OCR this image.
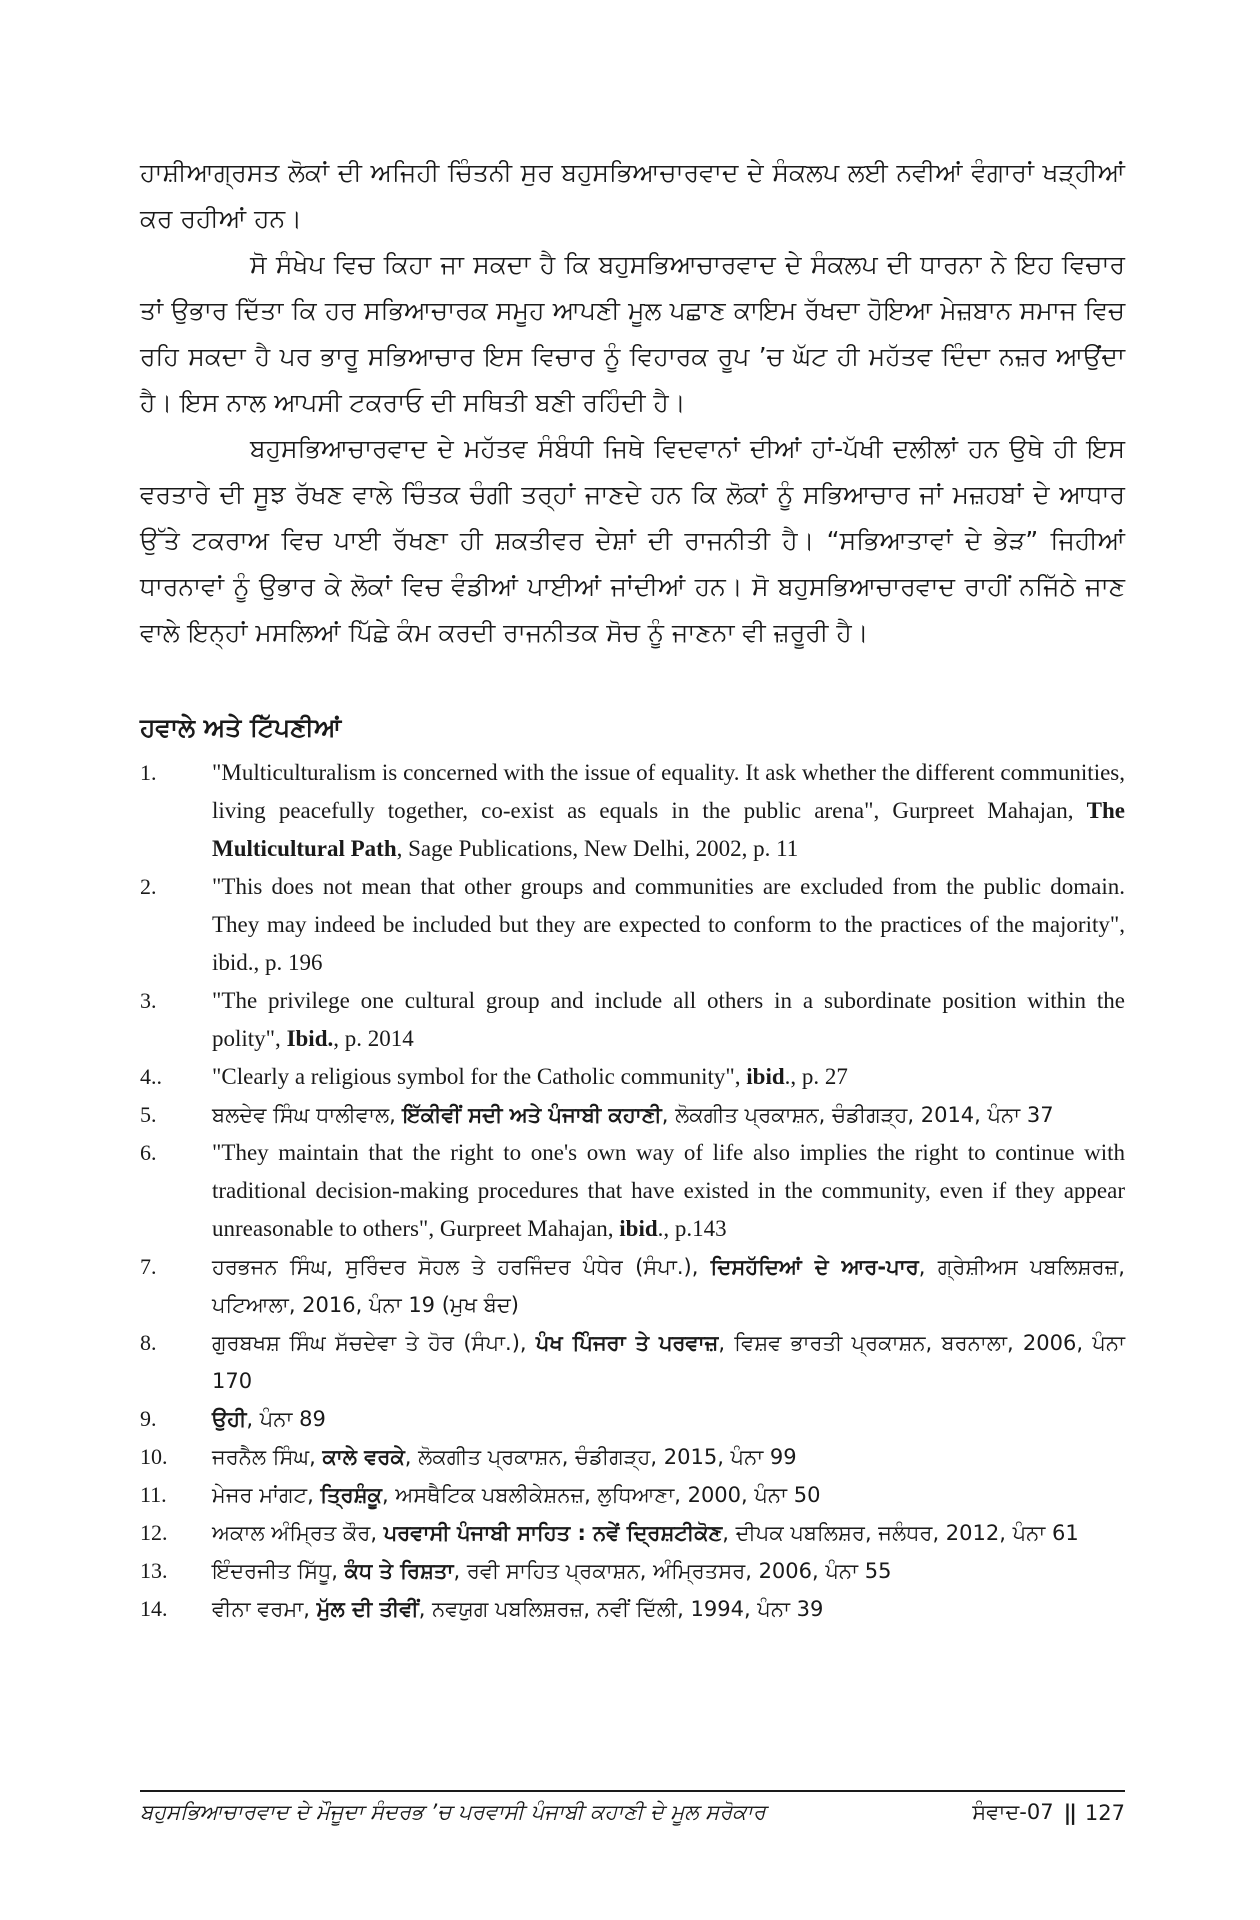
ਹਾਸ਼ੀਆਗ੍ਰਸਤ ਲੋਕਾਂ ਦੀ ਅਜਿਹੀ ਚਿੰਤਨੀ ਸੁਰ ਬਹੁਸਭਿਆਚਾਰਵਾਦ ਦੇ ਸੰਕਲਪ ਲਈ ਨਵੀਆਂ ਵੰਗਾਰਾਂ ਖੜ੍ਹੀਆਂ ਕਰ ਰਹੀਆਂ ਹਨ।

ਸੋ ਸੰਖੇਪ ਵਿਚ ਕਿਹਾ ਜਾ ਸਕਦਾ ਹੈ ਕਿ ਬਹੁਸਭਿਆਚਾਰਵਾਦ ਦੇ ਸੰਕਲਪ ਦੀ ਧਾਰਨਾ ਨੇ ਇਹ ਵਿਚਾਰ ਤਾਂ ਉਭਾਰ ਦਿੱਤਾ ਕਿ ਹਰ ਸਭਿਆਚਾਰਕ ਸਮੂਹ ਆਪਣੀ ਮੂਲ ਪਛਾਣ ਕਾਇਮ ਰੱਖਦਾ ਹੋਇਆ ਮੇਜ਼ਬਾਨ ਸਮਾਜ ਵਿਚ ਰਹਿ ਸਕਦਾ ਹੈ ਪਰ ਭਾਰੂ ਸਭਿਆਚਾਰ ਇਸ ਵਿਚਾਰ ਨੂੰ ਵਿਹਾਰਕ ਰੂਪ ’ਚ ਘੱਟ ਹੀ ਮਹੱਤਵ ਦਿੰਦਾ ਨਜ਼ਰ ਆਉਂਦਾ ਹੈ। ਇਸ ਨਾਲ ਆਪਸੀ ਟਕਰਾਓ ਦੀ ਸਥਿਤੀ ਬਣੀ ਰਹਿੰਦੀ ਹੈ।

ਬਹੁਸਭਿਆਚਾਰਵਾਦ ਦੇ ਮਹੱਤਵ ਸੰਬੰਧੀ ਜਿਥੇ ਵਿਦਵਾਨਾਂ ਦੀਆਂ ਹਾਂ-ਪੱਖੀ ਦਲੀਲਾਂ ਹਨ ਉਥੇ ਹੀ ਇਸ ਵਰਤਾਰੇ ਦੀ ਸੂਝ ਰੱਖਣ ਵਾਲੇ ਚਿੰਤਕ ਚੰਗੀ ਤਰ੍ਹਾਂ ਜਾਣਦੇ ਹਨ ਕਿ ਲੋਕਾਂ ਨੂੰ ਸਭਿਆਚਾਰ ਜਾਂ ਮਜ਼ਹਬਾਂ ਦੇ ਆਧਾਰ ਉੱਤੇ ਟਕਰਾਅ ਵਿਚ ਪਾਈ ਰੱਖਣਾ ਹੀ ਸ਼ਕਤੀਵਰ ਦੇਸ਼ਾਂ ਦੀ ਰਾਜਨੀਤੀ ਹੈ। “ਸਭਿਆਤਾਵਾਂ ਦੇ ਭੇੜ” ਜਿਹੀਆਂ ਧਾਰਨਾਵਾਂ ਨੂੰ ਉਭਾਰ ਕੇ ਲੋਕਾਂ ਵਿਚ ਵੰਡੀਆਂ ਪਾਈਆਂ ਜਾਂਦੀਆਂ ਹਨ। ਸੋ ਬਹੁਸਭਿਆਚਾਰਵਾਦ ਰਾਹੀਂ ਨਜਿੱਠੇ ਜਾਣ ਵਾਲੇ ਇਨ੍ਹਾਂ ਮਸਲਿਆਂ ਪਿੱਛੇ ਕੰਮ ਕਰਦੀ ਰਾਜਨੀਤਕ ਸੋਚ ਨੂੰ ਜਾਣਨਾ ਵੀ ਜ਼ਰੂਰੀ ਹੈ।

ਹਵਾਲੇ ਅਤੇ ਟਿੱਪਣੀਆਂ
1.	"Multiculturalism is concerned with the issue of equality. It ask whether the different communities, living peacefully together, co-exist as equals in the public arena", Gurpreet Mahajan, The Multicultural Path, Sage Publications, New Delhi, 2002, p. 11
2.	"This does not mean that other groups and communities are excluded from the public domain. They may indeed be included but they are expected to conform to the practices of the majority", ibid., p. 196
3.	"The privilege one cultural group and include all others in a subordinate position within the polity", Ibid., p. 2014
4..	"Clearly a religious symbol for the Catholic community", ibid., p. 27
5.	ਬਲਦੇਵ ਸਿੰਘ ਧਾਲੀਵਾਲ, ਇੱਕੀਵੀਂ ਸਦੀ ਅਤੇ ਪੰਜਾਬੀ ਕਹਾਣੀ, ਲੋਕਗੀਤ ਪ੍ਰਕਾਸ਼ਨ, ਚੰਡੀਗੜ੍ਹ, 2014, ਪੰਨਾ 37
6.	"They maintain that the right to one's own way of life also implies the right to continue with traditional decision-making procedures that have existed in the community, even if they appear unreasonable to others", Gurpreet Mahajan, ibid., p.143
7.	ਹਰਭਜਨ ਸਿੰਘ, ਸੁਰਿੰਦਰ ਸੋਹਲ ਤੇ ਹਰਜਿੰਦਰ ਪੰਧੇਰ (ਸੰਪਾ.), ਦਿਸਹੱਦਿਆਂ ਦੇ ਆਰ-ਪਾਰ, ਗ੍ਰੇਸ਼ੀਅਸ ਪਬਲਿਸ਼ਰਜ਼, ਪਟਿਆਲਾ, 2016, ਪੰਨਾ 19 (ਮੁਖ ਬੰਦ)
8.	ਗੁਰਬਖਸ਼ ਸਿੰਘ ਸੱਚਦੇਵਾ ਤੇ ਹੋਰ (ਸੰਪਾ.), ਪੰਖ ਪਿੰਜਰਾ ਤੇ ਪਰਵਾਜ਼, ਵਿਸ਼ਵ ਭਾਰਤੀ ਪ੍ਰਕਾਸ਼ਨ, ਬਰਨਾਲਾ, 2006, ਪੰਨਾ 170
9.	ਉਹੀ, ਪੰਨਾ 89
10.	ਜਰਨੈਲ ਸਿੰਘ, ਕਾਲੇ ਵਰਕੇ, ਲੋਕਗੀਤ ਪ੍ਰਕਾਸ਼ਨ, ਚੰਡੀਗੜ੍ਹ, 2015, ਪੰਨਾ 99
11.	ਮੇਜਰ ਮਾਂਗਟ, ਤ੍ਰਿਸ਼ੰਕੂ, ਅਸਥੈਟਿਕ ਪਬਲੀਕੇਸ਼ਨਜ਼, ਲੁਧਿਆਣਾ, 2000, ਪੰਨਾ 50
12.	ਅਕਾਲ ਅੰਮ੍ਰਿਤ ਕੌਰ, ਪਰਵਾਸੀ ਪੰਜਾਬੀ ਸਾਹਿਤ : ਨਵੇਂ ਦ੍ਰਿਸ਼ਟੀਕੋਣ, ਦੀਪਕ ਪਬਲਿਸ਼ਰ, ਜਲੰਧਰ, 2012, ਪੰਨਾ 61
13.	ਇੰਦਰਜੀਤ ਸਿੱਧੂ, ਕੰਧ ਤੇ ਰਿਸ਼ਤਾ, ਰਵੀ ਸਾਹਿਤ ਪ੍ਰਕਾਸ਼ਨ, ਅੰਮ੍ਰਿਤਸਰ, 2006, ਪੰਨਾ 55
14.	ਵੀਨਾ ਵਰਮਾ, ਮੁੱਲ ਦੀ ਤੀਵੀਂ, ਨਵਯੁਗ ਪਬਲਿਸ਼ਰਜ਼, ਨਵੀਂ ਦਿੱਲੀ, 1994, ਪੰਨਾ 39
ਬਹੁਸਭਿਆਚਾਰਵਾਦ ਦੇ ਮੌਜੂਦਾ ਸੰਦਰਭ ’ਚ ਪਰਵਾਸੀ ਪੰਜਾਬੀ ਕਹਾਣੀ ਦੇ ਮੂਲ ਸਰੋਕਾਰ	ਸੰਵਾਦ-07 || 127
